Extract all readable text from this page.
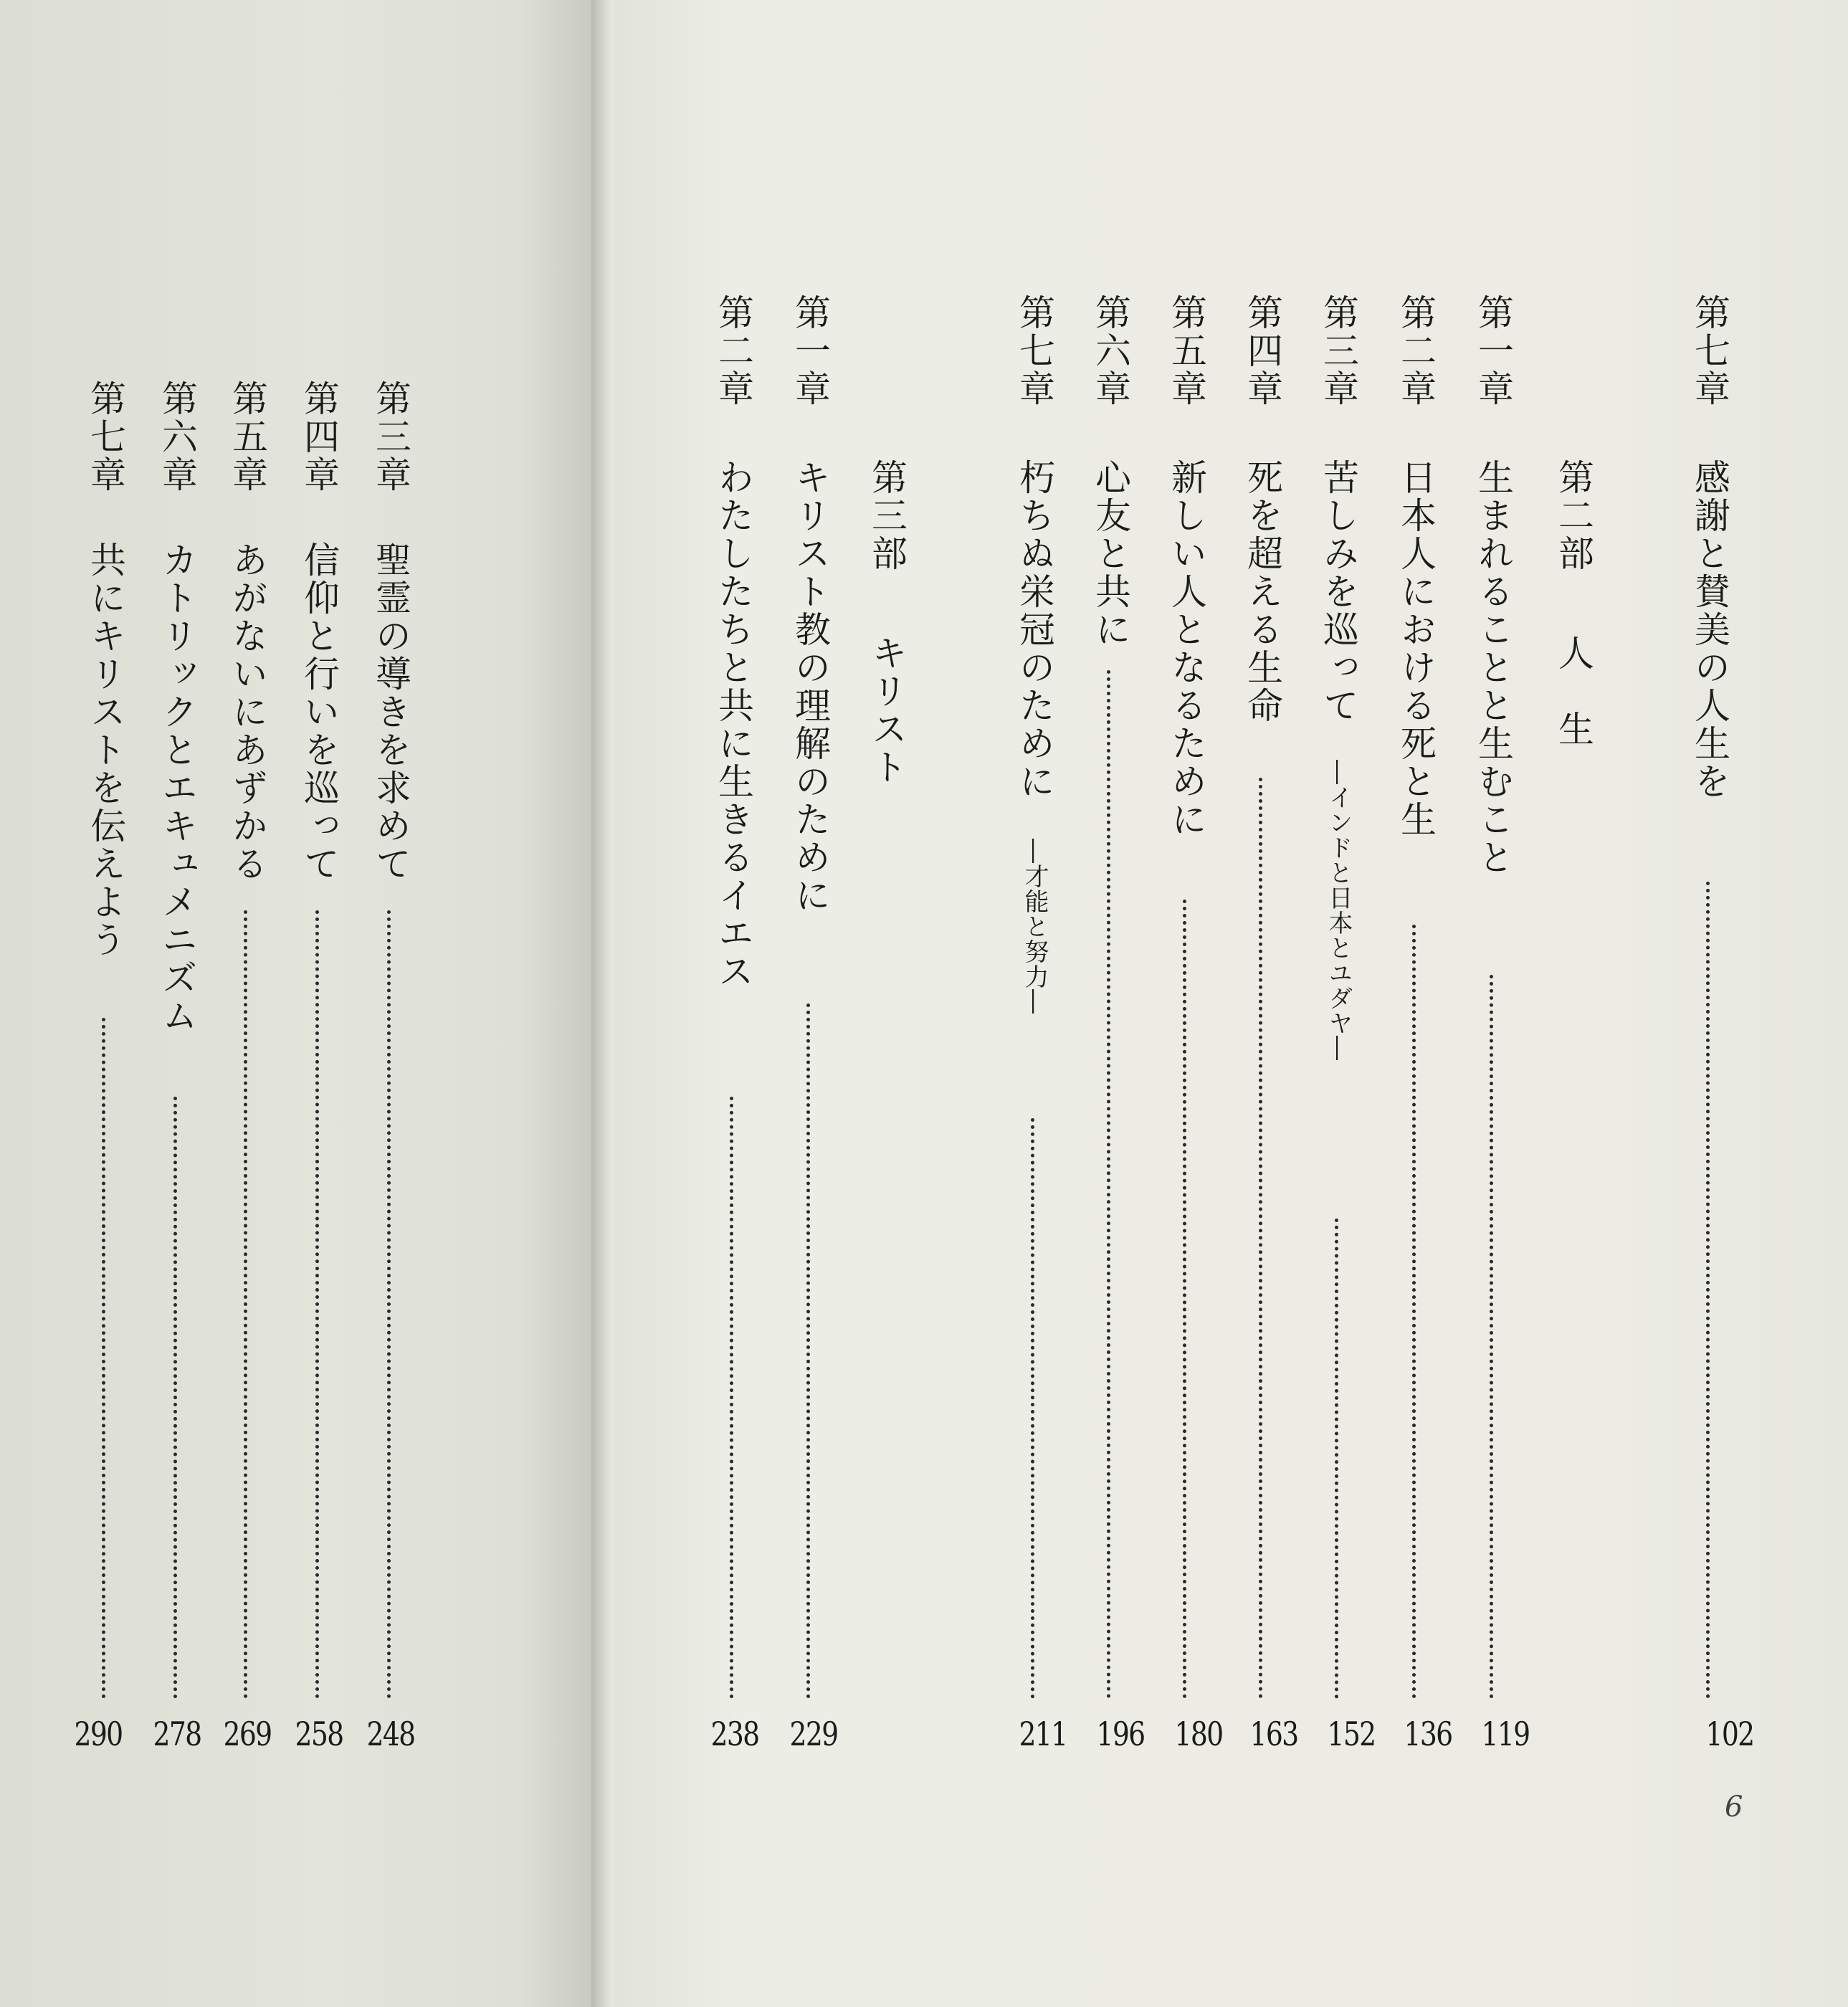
第三章
聖霊の導きを求めて
248
第四章
信仰と行いを巡って
258
第五章
あがないにあずかる
269
第六章
カトリックとエキュメニズム
278
第七章
共にキリストを伝えよう
290
第七章
感謝と賛美の人生を
102
第二部
人　生
第一章
生まれることと生むこと
119
第二章
日本人における死と生
136
第三章
苦しみを巡って
―インドと日本とユダヤ―
152
第四章
死を超える生命
163
第五章
新しい人となるために
180
第六章
心友と共に
196
第七章
朽ちぬ栄冠のために
―才能と努力―
211
第三部
キリスト
第一章
キリスト教の理解のために
229
第二章
わたしたちと共に生きるイエス
238
6
